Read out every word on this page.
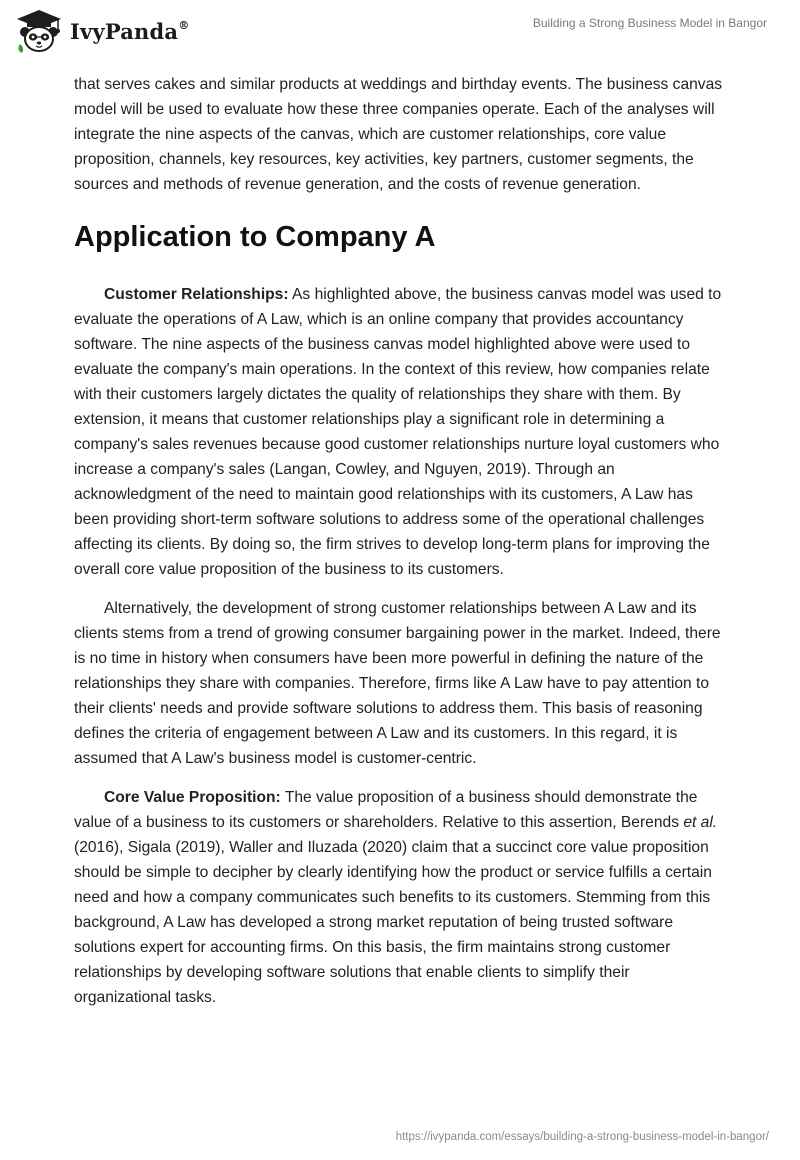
IvyPanda®	Building a Strong Business Model in Bangor

that serves cakes and similar products at weddings and birthday events. The business canvas model will be used to evaluate how these three companies operate. Each of the analyses will integrate the nine aspects of the canvas, which are customer relationships, core value proposition, channels, key resources, key activities, key partners, customer segments, the sources and methods of revenue generation, and the costs of revenue generation.

Application to Company A

Customer Relationships: As highlighted above, the business canvas model was used to evaluate the operations of A Law, which is an online company that provides accountancy software. The nine aspects of the business canvas model highlighted above were used to evaluate the company's main operations. In the context of this review, how companies relate with their customers largely dictates the quality of relationships they share with them. By extension, it means that customer relationships play a significant role in determining a company's sales revenues because good customer relationships nurture loyal customers who increase a company's sales (Langan, Cowley, and Nguyen, 2019). Through an acknowledgment of the need to maintain good relationships with its customers, A Law has been providing short-term software solutions to address some of the operational challenges affecting its clients. By doing so, the firm strives to develop long-term plans for improving the overall core value proposition of the business to its customers.

Alternatively, the development of strong customer relationships between A Law and its clients stems from a trend of growing consumer bargaining power in the market. Indeed, there is no time in history when consumers have been more powerful in defining the nature of the relationships they share with companies. Therefore, firms like A Law have to pay attention to their clients' needs and provide software solutions to address them. This basis of reasoning defines the criteria of engagement between A Law and its customers. In this regard, it is assumed that A Law's business model is customer-centric.

Core Value Proposition: The value proposition of a business should demonstrate the value of a business to its customers or shareholders. Relative to this assertion, Berends et al. (2016), Sigala (2019), Waller and Iluzada (2020) claim that a succinct core value proposition should be simple to decipher by clearly identifying how the product or service fulfills a certain need and how a company communicates such benefits to its customers. Stemming from this background, A Law has developed a strong market reputation of being trusted software solutions expert for accounting firms. On this basis, the firm maintains strong customer relationships by developing software solutions that enable clients to simplify their organizational tasks.

https://ivypanda.com/essays/building-a-strong-business-model-in-bangor/
